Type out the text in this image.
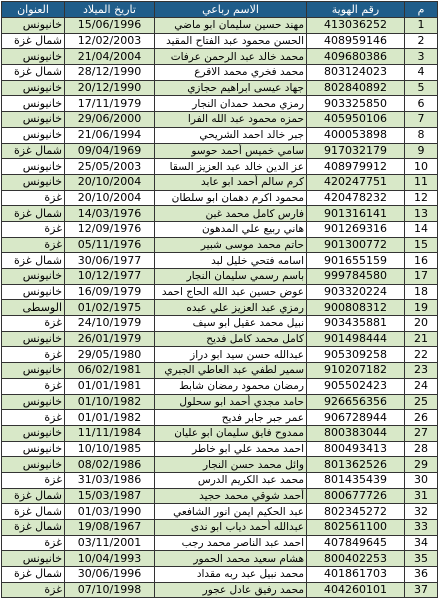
العنوان	تاريخ الميلاد	الاسم رباعي	رقم الهوية	م
خانيونس	15/06/1996	مهند حسين سليمان ابو ماضي	413036252	1
شمال غزة	12/02/2003	الحسن محمود عبد الفتاح المقيد	408959146	2
خانيونس	21/04/2004	محمد خالد عبد الرحمن عرفات	409680386	3
شمال غزة	28/12/1990	محمد فخري محمد الاقرع	803124023	4
خانيونس	20/12/1990	جهاد عيسى ابراهيم حجازي	802840892	5
خانيونس	17/11/1979	رمزي محمد حمدان النجار	903325850	6
خانيونس	29/06/2000	حمزه محمود عبد الله الفرا	405950106	7
خانيونس	21/06/1994	جبر خالد احمد الشريحي	400053898	8
شمال غزة	09/04/1969	سامي خميس أحمد حوسو	917032179	9
خانيونس	25/05/2003	عز الدين خالد عبد العزيز السقا	408979912	10
خانيونس	20/10/2004	كرم سالم أحمد ابو عابد	420247751	11
غزة	20/10/2004	محمود اكرم دهمان ابو سلطان	420478232	12
شمال غزة	14/03/1976	فارس كامل محمد غبن	901316141	13
غزة	12/09/1976	هاني ربيع علي المدهون	901269316	14
غزة	05/11/1976	حاتم محمد موسى شبير	901300772	15
شمال غزة	30/06/1977	اسامه فتحي خليل لبد	901655159	16
خانيونس	10/12/1977	باسم رسمي سليمان النجار	999784580	17
خانيونس	16/09/1979	عوض حسين عبد الله الحاج احمد	903320224	18
الوسطى	01/02/1975	رمزي عبد العزيز علي عبده	900808312	19
غزة	24/10/1979	نبيل محمد عقيل ابو سيف	903435881	20
خانيونس	26/01/1979	كامل محمد كامل فديح	901498444	21
غزة	29/05/1980	عبدالله حسن سيد ابو دراز	905309258	22
خانيونس	06/02/1981	سمير لطفي عبد العاطي الجبري	910207182	23
غزة	01/01/1981	رمضان محمود رمضان شابط	905502423	24
خانيونس	01/10/1982	حامد مجدي أحمد ابو سحلول	926656356	25
غزة	01/01/1982	عمر جبر جابر فديح	906728944	26
خانيونس	11/11/1984	ممدوح فايق سليمان ابو عليان	800383044	27
خانيونس	10/10/1985	احمد محمد علي ابو خاطر	800493413	28
خانيونس	08/02/1986	وائل محمد حسن النجار	801362526	29
غزة	31/03/1986	محمد عبد الكريم الدرس	801435439	30
شمال غزة	15/03/1987	أحمد شوقي محمد حجيد	800677726	31
شمال غزة	01/03/1990	عبد الحكيم ايمن انور الشافعي	802345272	32
شمال غزة	19/08/1967	عبدالله أحمد دياب ابو ندى	802561100	33
غزة	03/11/2001	احمد عبد الناصر محمد رجب	407849645	34
خانيونس	10/04/1993	هشام سعيد محمد الحمور	800402253	35
شمال غزة	30/06/1996	محمد نبيل عبد ربه مقداد	401861703	36
غزة	07/10/1998	محمد رفيق عادل عجور	404260101	37
